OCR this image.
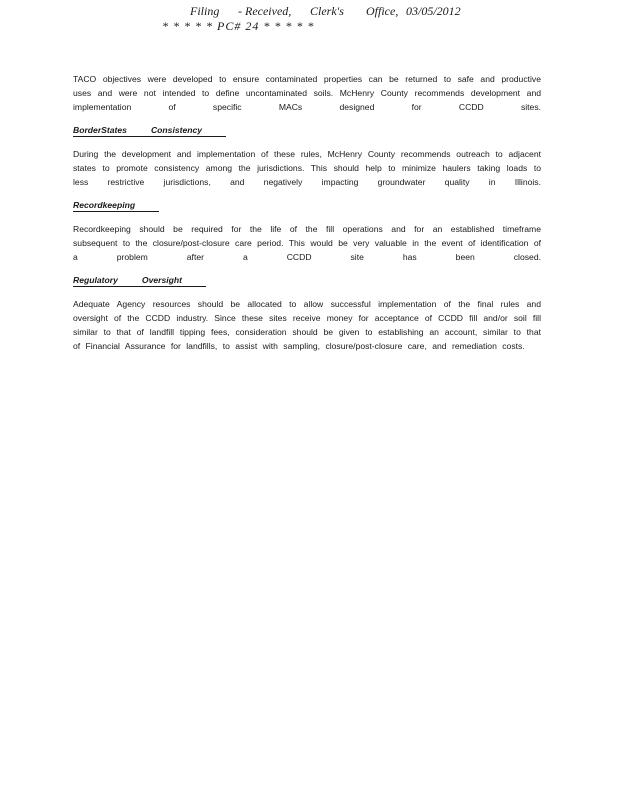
Filing - Received, Clerk's Office, 03/05/2012
* * * * * PC# 24 * * * * *

TACO objectives were developed to ensure contaminated properties can be returned to safe and productive uses and were not intended to define uncontaminated soils. McHenry County recommends development and implementation of specific MACs designed for CCDD sites.

BorderStates	Consistency

During the development and implementation of these rules, McHenry County recommends outreach to adjacent states to promote consistency among the jurisdictions. This should help to minimize haulers taking loads to less restrictive jurisdictions, and negatively impacting groundwater quality in Illinois.

Recordkeeping

Recordkeeping should be required for the life of the fill operations and for an established timeframe subsequent to the closure/post-closure care period. This would be very valuable in the event of identification of a problem after a CCDD site has been closed.

Regulatory	Oversight

Adequate Agency resources should be allocated to allow successful implementation of the final rules and oversight of the CCDD industry. Since these sites receive money for acceptance of CCDD fill and/or soil fill similar to that of landfill tipping fees, consideration should be given to establishing an account, similar to that of Financial Assurance for landfills, to assist with sampling, closure/post-closure care, and remediation costs.
